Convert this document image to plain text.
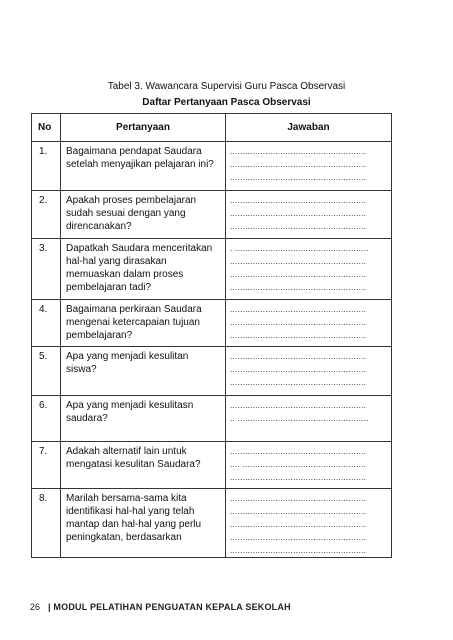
Tabel 3. Wawancara Supervisi Guru Pasca Observasi
Daftar Pertanyaan Pasca Observasi
No	Pertanyaan	Jawaban
1.	Bagaimana pendapat Saudara setelah menyajikan pelajaran ini?	......................................................
......................................................
......................................................

2.	Apakah proses pembelajaran sudah sesuai dengan yang direncanakan?	......................................................
......................................................
......................................................

3.	Dapatkah Saudara menceritakan hal-hal yang dirasakan memuaskan dalam proses pembelajaran tadi?	. .....................................................
......................................................
......................................................
......................................................

4.	Bagaimana perkiraan Saudara mengenai ketercapaian tujuan pembelajaran?	......................................................
......................................................
......................................................

5.	Apa yang menjadi kesulitan siswa?	......................................................
......................................................
......................................................

6.	Apa yang menjadi kesulitasn saudara?	......................................................
.. ....................................................

7.	Adakah alternatif lain untuk mengatasi kesulitan Saudara?	......................................................
.... .................................................
......................................................

8.	Marilah bersama-sama kita identifikasi hal-hal yang telah mantap dan hal-hal yang perlu peningkatan, berdasarkan	......................................................
......................................................
......................................................
......................................................
......................................................
26 | MODUL PELATIHAN PENGUATAN KEPALA SEKOLAH
